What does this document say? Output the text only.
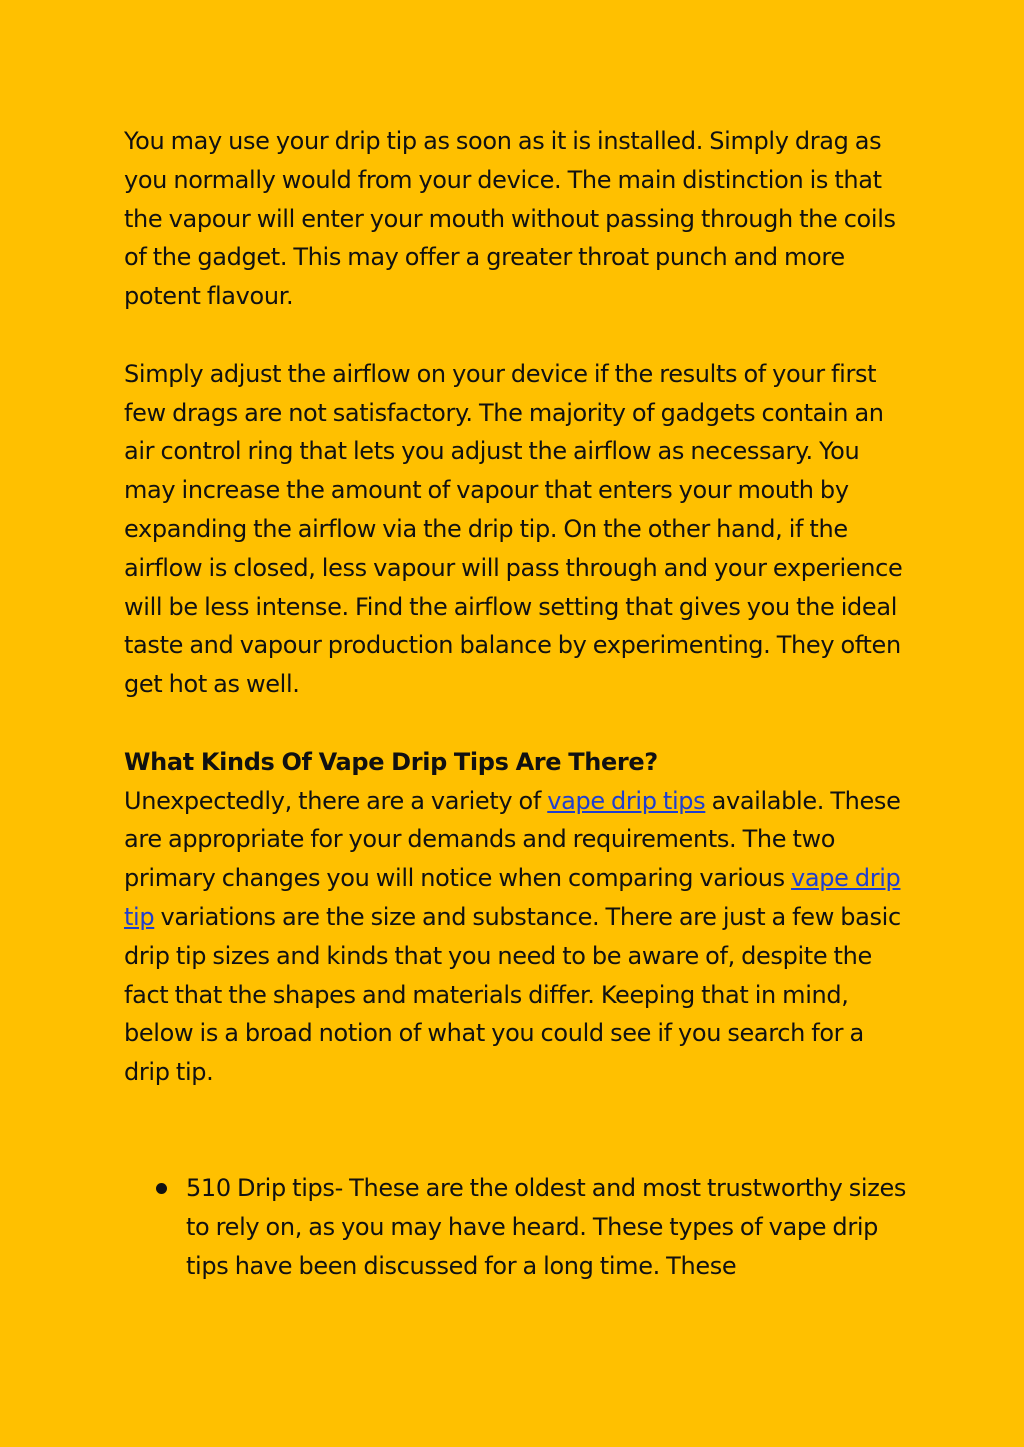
You may use your drip tip as soon as it is installed. Simply drag as you normally would from your device. The main distinction is that the vapour will enter your mouth without passing through the coils of the gadget. This may offer a greater throat punch and more potent flavour.

Simply adjust the airflow on your device if the results of your first few drags are not satisfactory. The majority of gadgets contain an air control ring that lets you adjust the airflow as necessary. You may increase the amount of vapour that enters your mouth by expanding the airflow via the drip tip. On the other hand, if the airflow is closed, less vapour will pass through and your experience will be less intense. Find the airflow setting that gives you the ideal taste and vapour production balance by experimenting. They often get hot as well.

What Kinds Of Vape Drip Tips Are There?

Unexpectedly, there are a variety of vape drip tips available. These are appropriate for your demands and requirements. The two primary changes you will notice when comparing various vape drip tip variations are the size and substance. There are just a few basic drip tip sizes and kinds that you need to be aware of, despite the fact that the shapes and materials differ. Keeping that in mind, below is a broad notion of what you could see if you search for a drip tip.

510 Drip tips- These are the oldest and most trustworthy sizes to rely on, as you may have heard. These types of vape drip tips have been discussed for a long time. These
